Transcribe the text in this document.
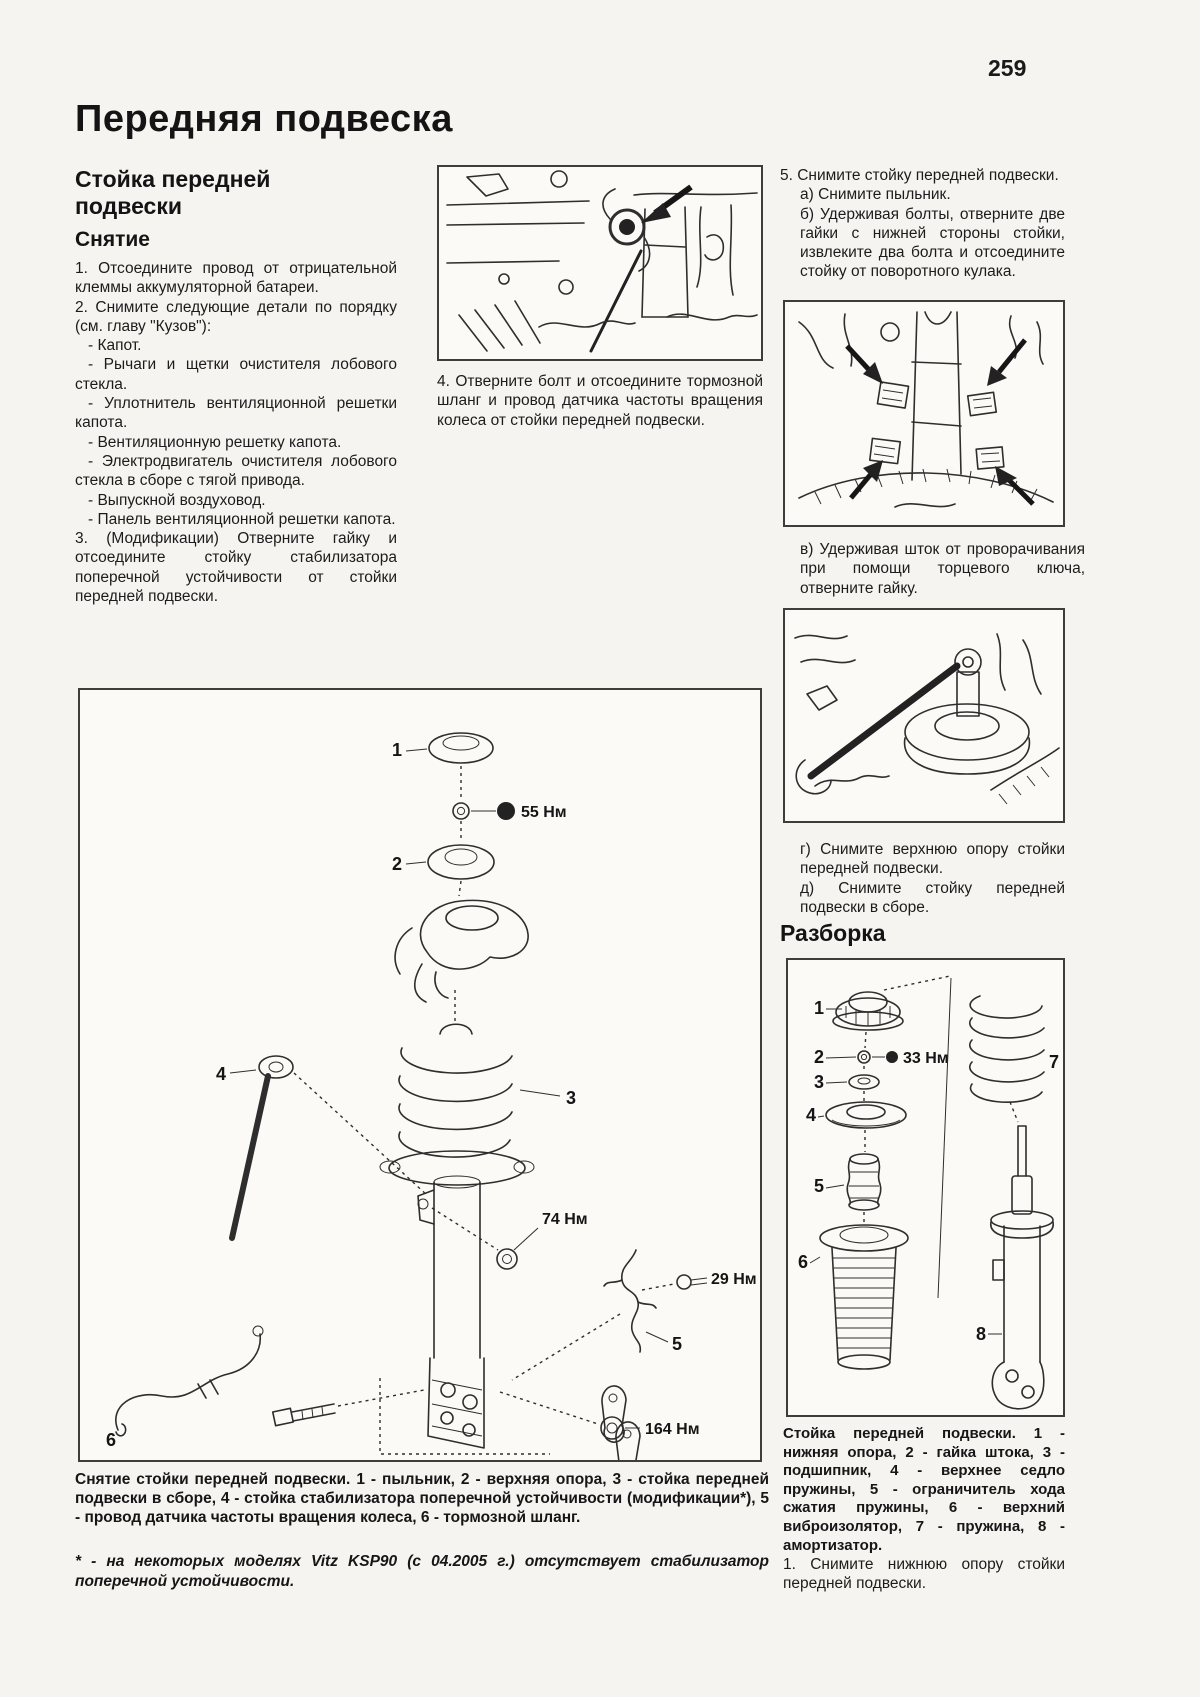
259
Передняя подвеска
Стойка передней подвески
Снятие

1. Отсоедините провод от отрицательной клеммы аккумуляторной батареи.

2. Снимите следующие детали по порядку (см. главу "Кузов"):

- Капот.

- Рычаги и щетки очистителя лобового стекла.

- Уплотнитель вентиляционной решетки капота.

- Вентиляционную решетку капота.

- Электродвигатель очистителя лобового стекла в сборе с тягой привода.

- Выпускной воздуховод.

- Панель вентиляционной решетки капота.

3. (Модификации) Отверните гайку и отсоедините стойку стабилизатора поперечной устойчивости от стойки передней подвески.

4. Отверните болт и отсоедините тормозной шланг и провод датчика частоты вращения колеса от стойки передней подвески.

5. Снимите стойку передней подвески.

а) Снимите пыльник.

б) Удерживая болты, отверните две гайки с нижней стороны стойки, извлеките два болта и отсоедините стойку от поворотного кулака.

в) Удерживая шток от проворачивания при помощи торцевого ключа, отверните гайку.

г) Снимите верхнюю опору стойки передней подвески.

д) Снимите стойку передней подвески в сборе.

Разборка
1
2	33 Нм
3
4
5
6
7
8
Стойка передней подвески. 1 - нижняя опора, 2 - гайка штока, 3 - подшипник, 4 - верхнее седло пружины, 5 - ограничитель хода сжатия пружины, 6 - верхний виброизолятор, 7 - пружина, 8 - амортизатор.

1. Снимите нижнюю опору стойки передней подвески.

1
55 Нм
2
3
4
74 Нм
5
29 Нм
164 Нм
6
Снятие стойки передней подвески. 1 - пыльник, 2 - верхняя опора, 3 - стойка передней подвески в сборе, 4 - стойка стабилизатора поперечной устойчивости (модификации*), 5 - провод датчика частоты вращения колеса, 6 - тормозной шланг.
* - на некоторых моделях Vitz KSP90 (с 04.2005 г.) отсутствует стабилизатор поперечной устойчивости.
